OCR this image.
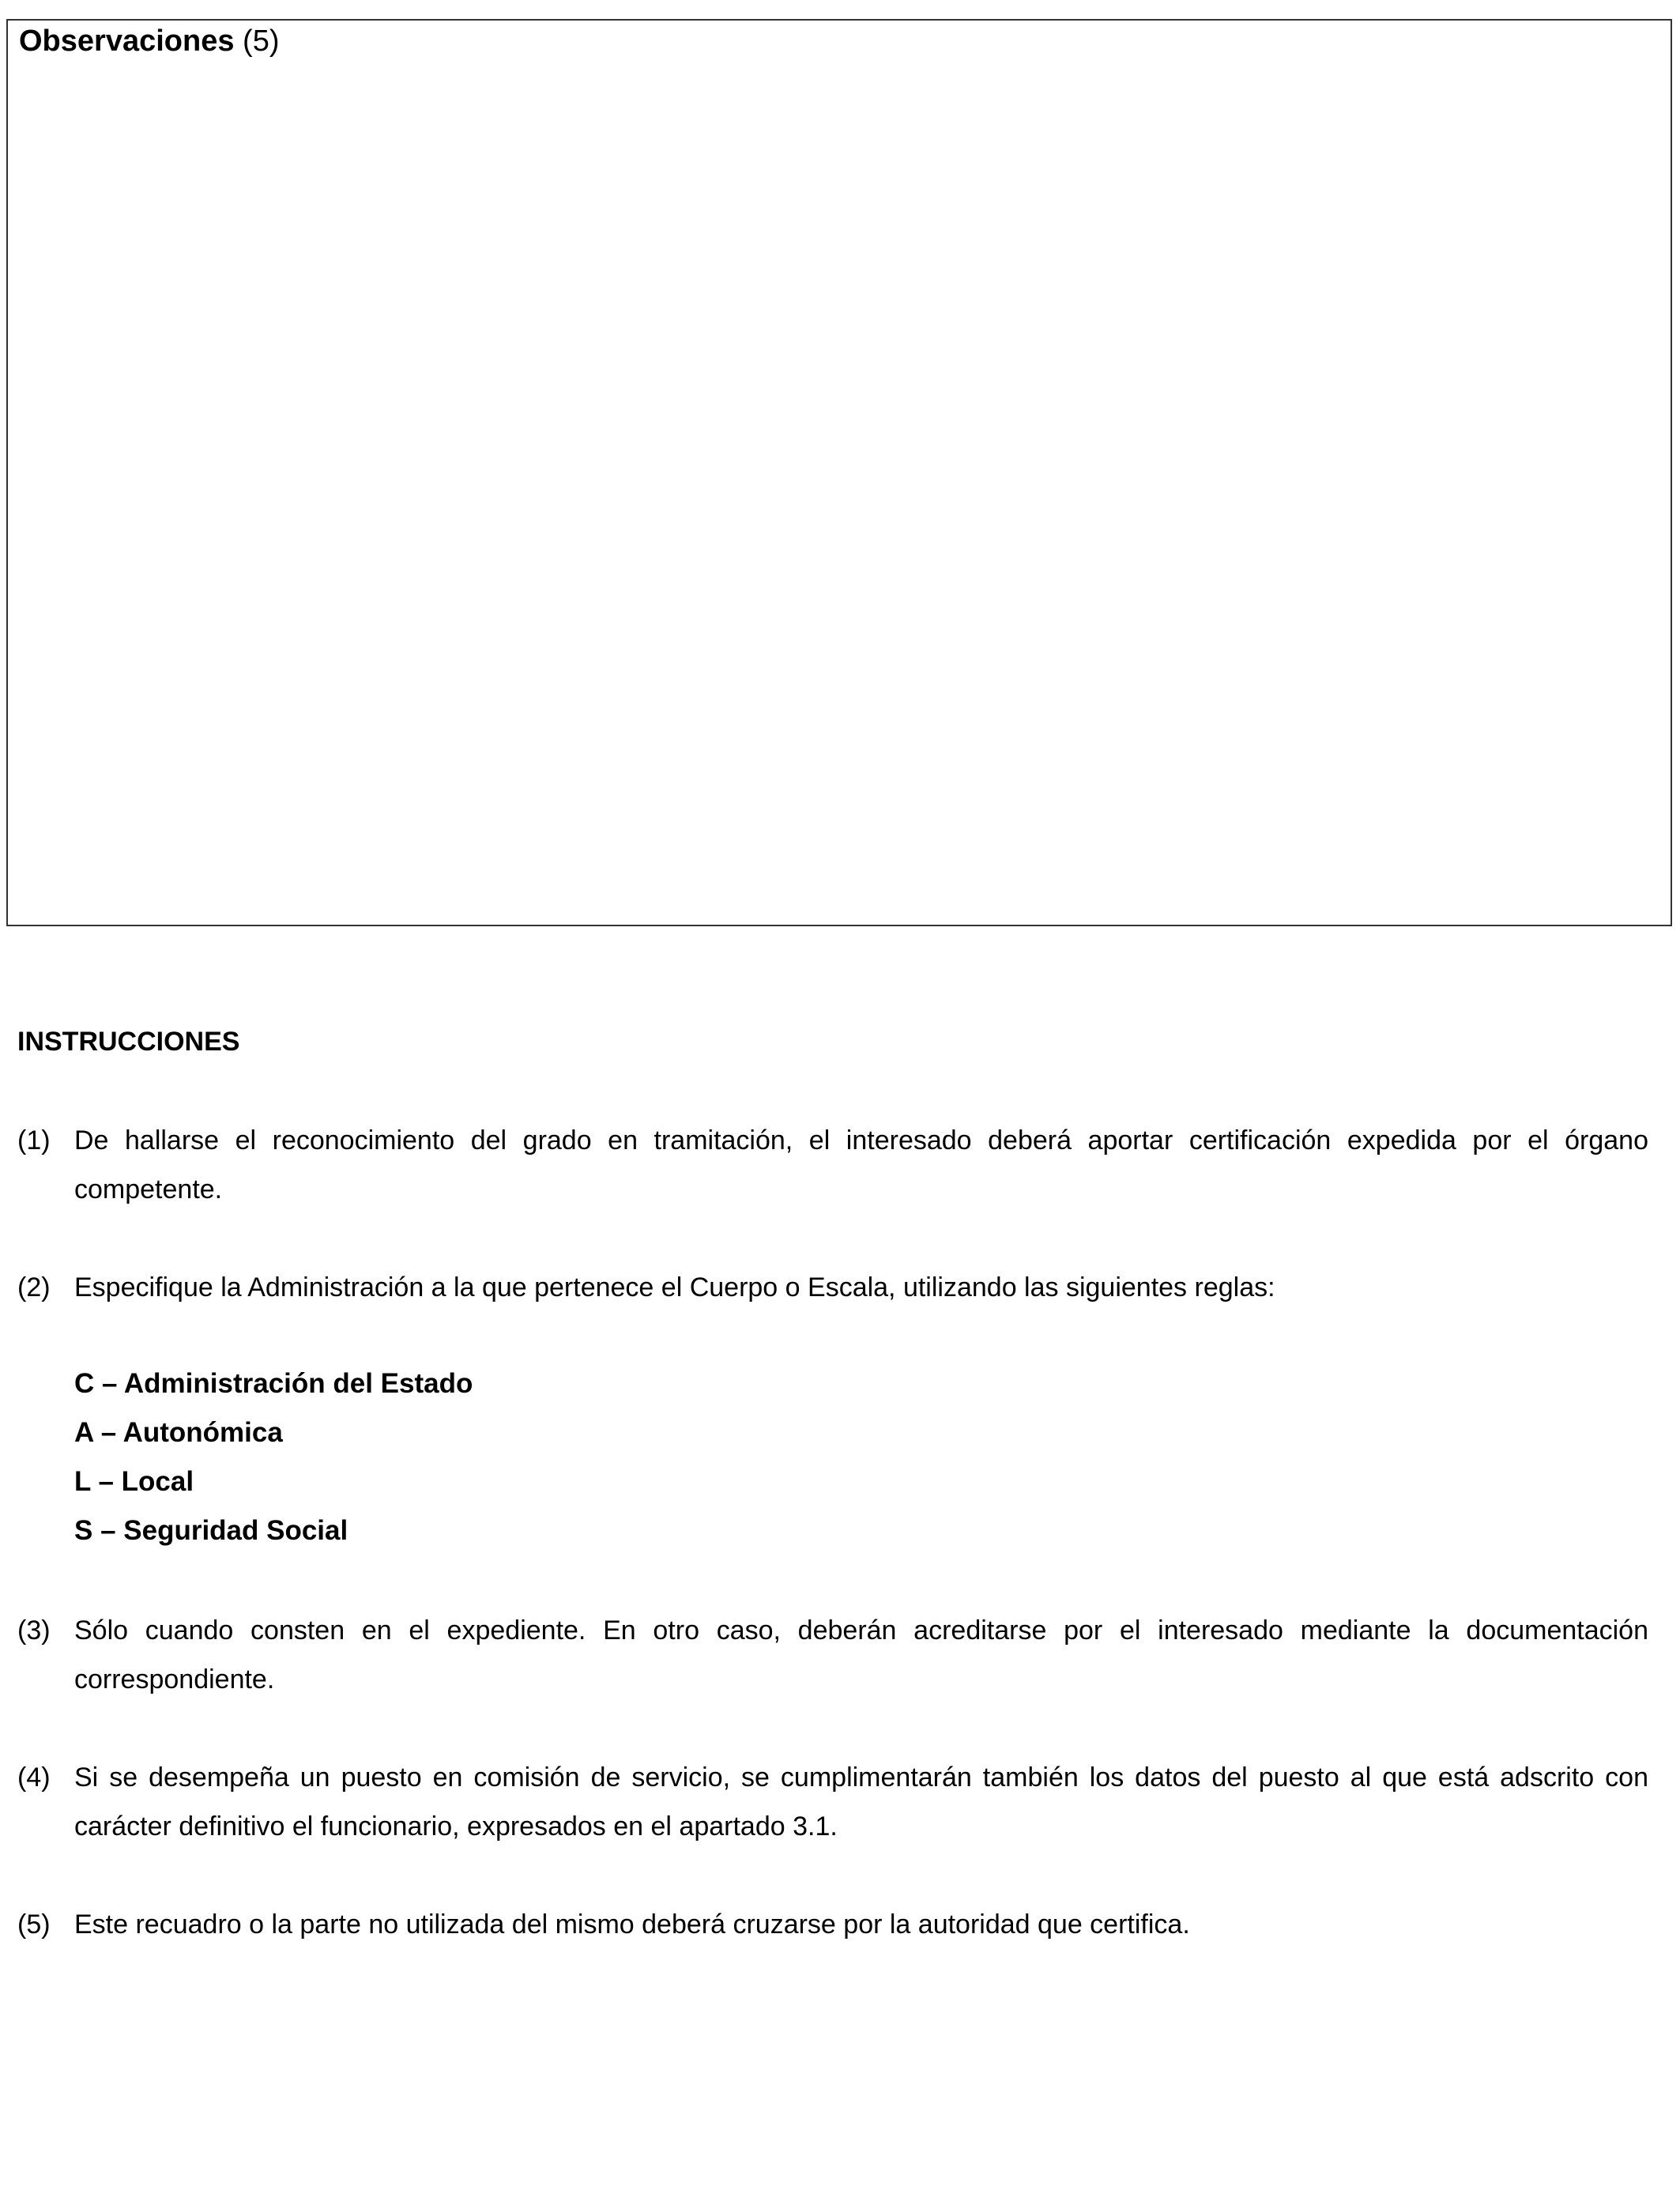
Observaciones (5)
INSTRUCCIONES
(1) De hallarse el reconocimiento del grado en tramitación, el interesado deberá aportar certificación expedida por el órgano competente.
(2) Especifique la Administración a la que pertenece el Cuerpo o Escala, utilizando las siguientes reglas:
C – Administración del Estado
A – Autonómica
L – Local
S – Seguridad Social
(3) Sólo cuando consten en el expediente. En otro caso, deberán acreditarse por el interesado mediante la documentación correspondiente.
(4) Si se desempeña un puesto en comisión de servicio, se cumplimentarán también los datos del puesto al que está adscrito con carácter definitivo el funcionario, expresados en el apartado 3.1.
(5) Este recuadro o la parte no utilizada del mismo deberá cruzarse por la autoridad que certifica.
